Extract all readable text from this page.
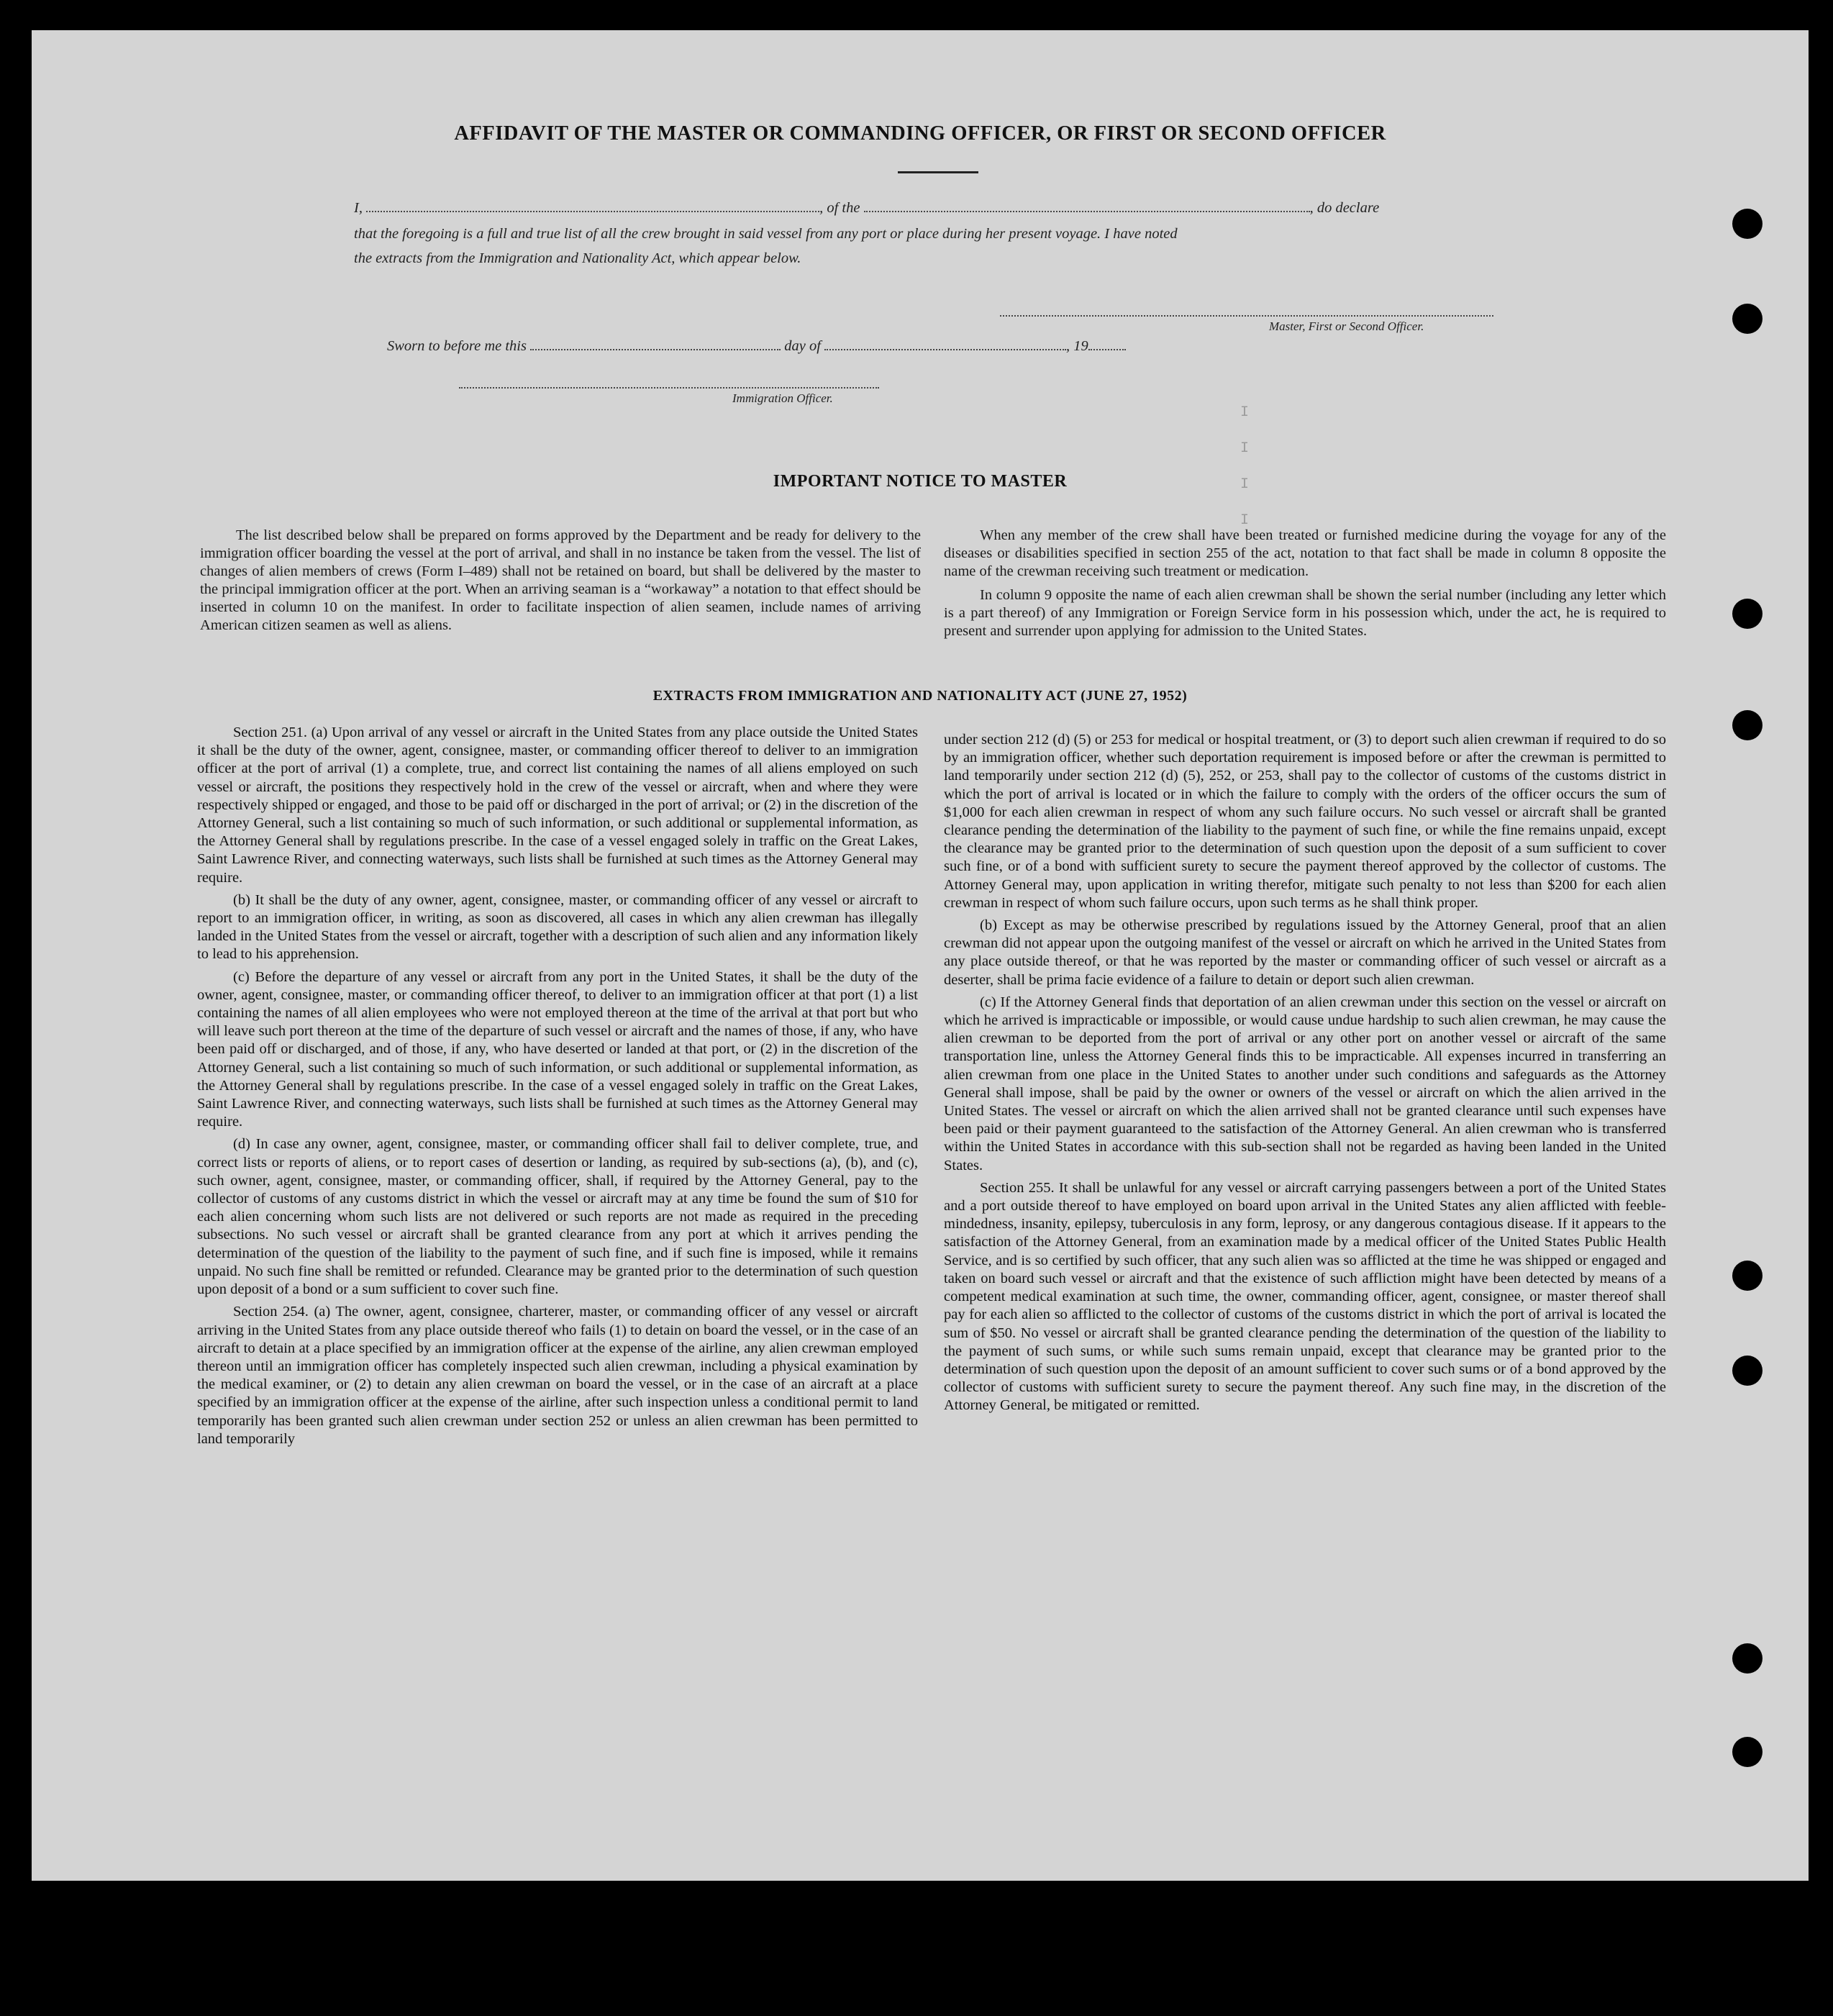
I
I
I
I
AFFIDAVIT OF THE MASTER OR COMMANDING OFFICER, OR FIRST OR SECOND OFFICER
I,	, of the	, do declare
that the foregoing is a full and true list of all the crew brought in said vessel from any port or place during her present voyage. I have noted
the extracts from the Immigration and Nationality Act, which appear below.
Master, First or Second Officer.
Sworn to before me this	day of	, 19
Immigration Officer.
IMPORTANT NOTICE TO MASTER

The list described below shall be prepared on forms approved by the Department and be ready for delivery to the immigration officer boarding the vessel at the port of arrival, and shall in no instance be taken from the vessel. The list of changes of alien members of crews (Form I–489) shall not be retained on board, but shall be delivered by the master to the principal immigration officer at the port. When an arriving seaman is a “workaway” a notation to that effect should be inserted in column 10 on the manifest. In order to facilitate inspection of alien seamen, include names of arriving American citizen seamen as well as aliens.

When any member of the crew shall have been treated or furnished medicine during the voyage for any of the diseases or disabilities specified in section 255 of the act, notation to that fact shall be made in column 8 opposite the name of the crewman receiving such treatment or medication.

In column 9 opposite the name of each alien crewman shall be shown the serial number (including any letter which is a part thereof) of any Immigration or Foreign Service form in his possession which, under the act, he is required to present and surrender upon applying for admission to the United States.

EXTRACTS FROM IMMIGRATION AND NATIONALITY ACT (JUNE 27, 1952)

Section 251. (a) Upon arrival of any vessel or aircraft in the United States from any place outside the United States it shall be the duty of the owner, agent, consignee, master, or commanding officer thereof to deliver to an immigration officer at the port of arrival (1) a complete, true, and correct list containing the names of all aliens employed on such vessel or aircraft, the positions they respectively hold in the crew of the vessel or aircraft, when and where they were respectively shipped or engaged, and those to be paid off or discharged in the port of arrival; or (2) in the discretion of the Attorney General, such a list containing so much of such information, or such additional or supplemental information, as the Attorney General shall by regulations prescribe. In the case of a vessel engaged solely in traffic on the Great Lakes, Saint Lawrence River, and connecting waterways, such lists shall be furnished at such times as the Attorney General may require.

(b) It shall be the duty of any owner, agent, consignee, master, or commanding officer of any vessel or aircraft to report to an immigration officer, in writing, as soon as discovered, all cases in which any alien crewman has illegally landed in the United States from the vessel or aircraft, together with a description of such alien and any information likely to lead to his apprehension.

(c) Before the departure of any vessel or aircraft from any port in the United States, it shall be the duty of the owner, agent, consignee, master, or commanding officer thereof, to deliver to an immigration officer at that port (1) a list containing the names of all alien employees who were not employed thereon at the time of the arrival at that port but who will leave such port thereon at the time of the departure of such vessel or aircraft and the names of those, if any, who have been paid off or discharged, and of those, if any, who have deserted or landed at that port, or (2) in the discretion of the Attorney General, such a list containing so much of such information, or such additional or supplemental information, as the Attorney General shall by regulations prescribe. In the case of a vessel engaged solely in traffic on the Great Lakes, Saint Lawrence River, and connecting waterways, such lists shall be furnished at such times as the Attorney General may require.

(d) In case any owner, agent, consignee, master, or commanding officer shall fail to deliver complete, true, and correct lists or reports of aliens, or to report cases of desertion or landing, as required by sub-sections (a), (b), and (c), such owner, agent, consignee, master, or commanding officer, shall, if required by the Attorney General, pay to the collector of customs of any customs district in which the vessel or aircraft may at any time be found the sum of $10 for each alien concerning whom such lists are not delivered or such reports are not made as required in the preceding subsections. No such vessel or aircraft shall be granted clearance from any port at which it arrives pending the determination of the question of the liability to the payment of such fine, and if such fine is imposed, while it remains unpaid. No such fine shall be remitted or refunded. Clearance may be granted prior to the determination of such question upon deposit of a bond or a sum sufficient to cover such fine.

Section 254. (a) The owner, agent, consignee, charterer, master, or commanding officer of any vessel or aircraft arriving in the United States from any place outside thereof who fails (1) to detain on board the vessel, or in the case of an aircraft to detain at a place specified by an immigration officer at the expense of the airline, any alien crewman employed thereon until an immigration officer has completely inspected such alien crewman, including a physical examination by the medical examiner, or (2) to detain any alien crewman on board the vessel, or in the case of an aircraft at a place specified by an immigration officer at the expense of the airline, after such inspection unless a conditional permit to land temporarily has been granted such alien crewman under section 252 or unless an alien crewman has been permitted to land temporarily

under section 212 (d) (5) or 253 for medical or hospital treatment, or (3) to deport such alien crewman if required to do so by an immigration officer, whether such deportation requirement is imposed before or after the crewman is permitted to land temporarily under section 212 (d) (5), 252, or 253, shall pay to the collector of customs of the customs district in which the port of arrival is located or in which the failure to comply with the orders of the officer occurs the sum of $1,000 for each alien crewman in respect of whom any such failure occurs. No such vessel or aircraft shall be granted clearance pending the determination of the liability to the payment of such fine, or while the fine remains unpaid, except the clearance may be granted prior to the determination of such question upon the deposit of a sum sufficient to cover such fine, or of a bond with sufficient surety to secure the payment thereof approved by the collector of customs. The Attorney General may, upon application in writing therefor, mitigate such penalty to not less than $200 for each alien crewman in respect of whom such failure occurs, upon such terms as he shall think proper.

(b) Except as may be otherwise prescribed by regulations issued by the Attorney General, proof that an alien crewman did not appear upon the outgoing manifest of the vessel or aircraft on which he arrived in the United States from any place outside thereof, or that he was reported by the master or commanding officer of such vessel or aircraft as a deserter, shall be prima facie evidence of a failure to detain or deport such alien crewman.

(c) If the Attorney General finds that deportation of an alien crewman under this section on the vessel or aircraft on which he arrived is impracticable or impossible, or would cause undue hardship to such alien crewman, he may cause the alien crewman to be deported from the port of arrival or any other port on another vessel or aircraft of the same transportation line, unless the Attorney General finds this to be impracticable. All expenses incurred in transferring an alien crewman from one place in the United States to another under such conditions and safeguards as the Attorney General shall impose, shall be paid by the owner or owners of the vessel or aircraft on which the alien arrived in the United States. The vessel or aircraft on which the alien arrived shall not be granted clearance until such expenses have been paid or their payment guaranteed to the satisfaction of the Attorney General. An alien crewman who is transferred within the United States in accordance with this sub-section shall not be regarded as having been landed in the United States.

Section 255. It shall be unlawful for any vessel or aircraft carrying passengers between a port of the United States and a port outside thereof to have employed on board upon arrival in the United States any alien afflicted with feeble-mindedness, insanity, epilepsy, tuberculosis in any form, leprosy, or any dangerous contagious disease. If it appears to the satisfaction of the Attorney General, from an examination made by a medical officer of the United States Public Health Service, and is so certified by such officer, that any such alien was so afflicted at the time he was shipped or engaged and taken on board such vessel or aircraft and that the existence of such affliction might have been detected by means of a competent medical examination at such time, the owner, commanding officer, agent, consignee, or master thereof shall pay for each alien so afflicted to the collector of customs of the customs district in which the port of arrival is located the sum of $50. No vessel or aircraft shall be granted clearance pending the determination of the question of the liability to the payment of such sums, or while such sums remain unpaid, except that clearance may be granted prior to the determination of such question upon the deposit of an amount sufficient to cover such sums or of a bond approved by the collector of customs with sufficient surety to secure the payment thereof. Any such fine may, in the discretion of the Attorney General, be mitigated or remitted.
